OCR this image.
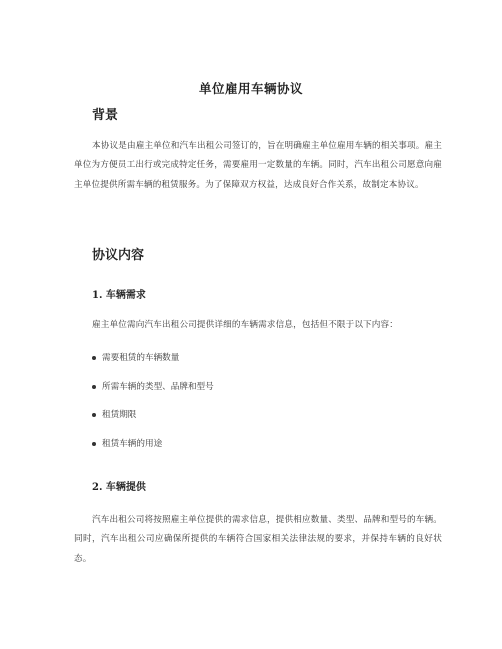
单位雇用车辆协议
背景
本协议是由雇主单位和汽车出租公司签订的，旨在明确雇主单位雇用车辆的相关事项。雇主单位为方便员工出行或完成特定任务，需要雇用一定数量的车辆。同时，汽车出租公司愿意向雇主单位提供所需车辆的租赁服务。为了保障双方权益，达成良好合作关系，故制定本协议。
协议内容
1. 车辆需求
雇主单位需向汽车出租公司提供详细的车辆需求信息，包括但不限于以下内容：
需要租赁的车辆数量
所需车辆的类型、品牌和型号
租赁期限
租赁车辆的用途
2. 车辆提供
汽车出租公司将按照雇主单位提供的需求信息，提供相应数量、类型、品牌和型号的车辆。同时，汽车出租公司应确保所提供的车辆符合国家相关法律法规的要求，并保持车辆的良好状态。
